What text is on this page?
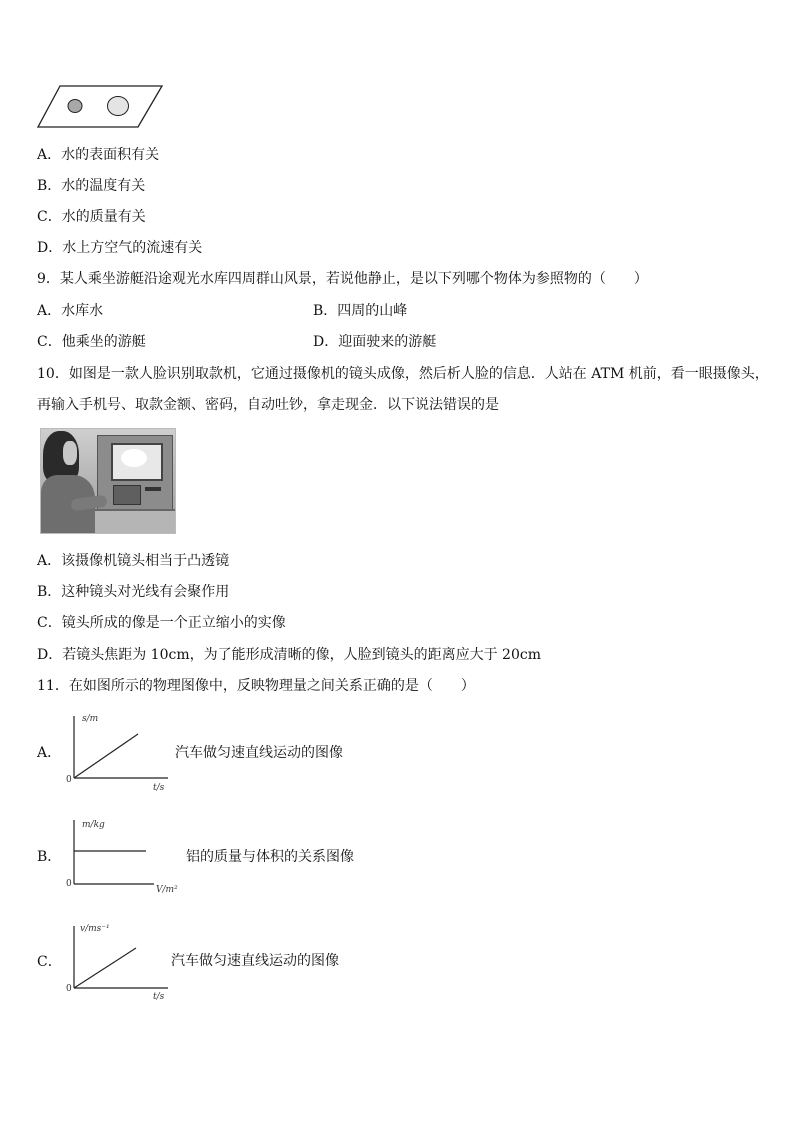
A．水的表面积有关
B．水的温度有关
C．水的质量有关
D．水上方空气的流速有关
9．某人乘坐游艇沿途观光水库四周群山风景，若说他静止，是以下列哪个物体为参照物的（　　）
A．水库水	B．四周的山峰
C．他乘坐的游艇	D．迎面驶来的游艇
10．如图是一款人脸识别取款机，它通过摄像机的镜头成像，然后析人脸的信息．人站在 ATM 机前，看一眼摄像头，
再输入手机号、取款金额、密码，自动吐钞，拿走现金．以下说法错误的是
A．该摄像机镜头相当于凸透镜
B．这种镜头对光线有会聚作用
C．镜头所成的像是一个正立缩小的实像
D．若镜头焦距为 10cm，为了能形成清晰的像，人脸到镜头的距离应大于 20cm
11．在如图所示的物理图像中，反映物理量之间关系正确的是（　　）
A．
s/m
t/s
0
汽车做匀速直线运动的图像
B．
m/kg
V/m²
0
铝的质量与体积的关系图像
C．
v/ms⁻¹
t/s
0
汽车做匀速直线运动的图像
